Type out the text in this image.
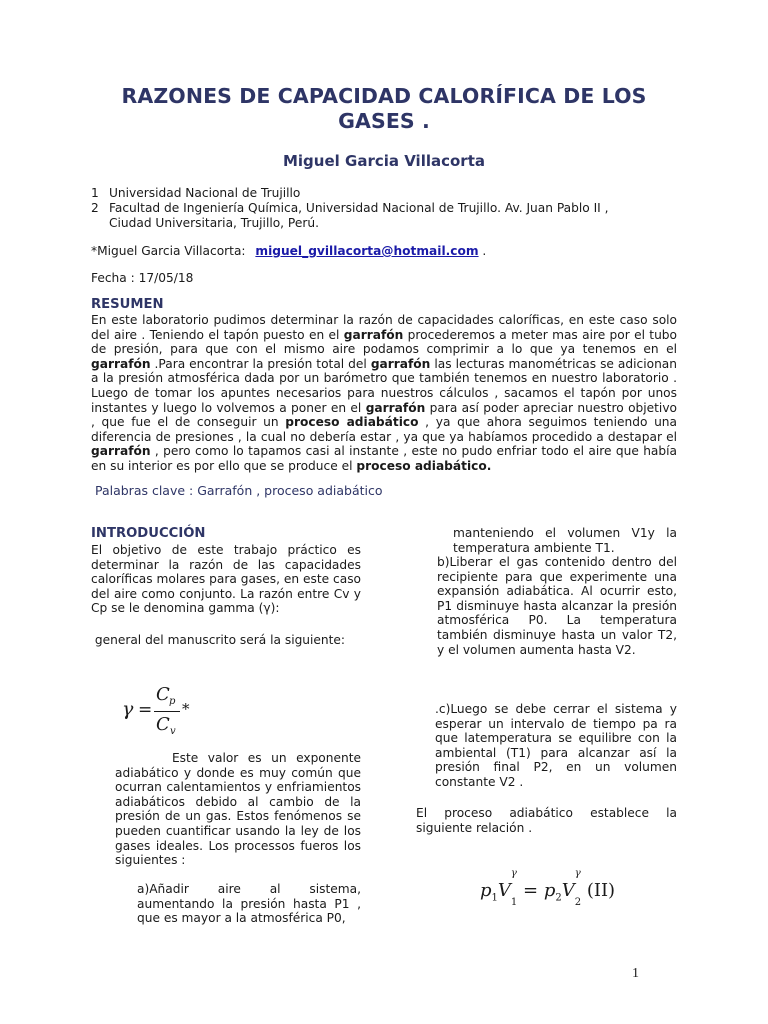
RAZONES DE CAPACIDAD CALORÍFICA DE LOS GASES .
Miguel Garcia Villacorta
1 Universidad Nacional de Trujillo
2 Facultad de Ingeniería Química, Universidad Nacional de Trujillo. Av. Juan Pablo II ,
Ciudad Universitaria, Trujillo, Perú.
*Miguel Garcia Villacorta: miguel_gvillacorta@hotmail.com .
Fecha : 17/05/18
RESUMEN
En este laboratorio pudimos determinar la razón de capacidades caloríficas, en este caso solo del aire . Teniendo el tapón puesto en el garrafón procederemos a meter mas aire por el tubo de presión, para que con el mismo aire podamos comprimir a lo que ya tenemos en el garrafón .Para encontrar la presión total del garrafón las lecturas manométricas se adicionan a la presión atmosférica dada por un barómetro que también tenemos en nuestro laboratorio . Luego de tomar los apuntes necesarios para nuestros cálculos , sacamos el tapón por unos instantes y luego lo volvemos a poner en el garrafón para así poder apreciar nuestro objetivo , que fue el de conseguir un proceso adiabático , ya que ahora seguimos teniendo una diferencia de presiones , la cual no debería estar , ya que ya habíamos procedido a destapar el garrafón , pero como lo tapamos casi al instante , este no pudo enfriar todo el aire que había en su interior es por ello que se produce el proceso adiabático.
Palabras clave : Garrafón , proceso adiabático
INTRODUCCIÓN
El objetivo de este trabajo práctico es determinar la razón de las capacidades caloríficas molares para gases, en este caso del aire como conjunto. La razón entre Cv y Cp se le denomina gamma (γ):
general del manuscrito será la siguiente:
γ =
C p
C v
*
Este valor es un exponente adiabático y donde es muy común que ocurran calentamientos y enfriamientos adiabáticos debido al cambio de la presión de un gas. Estos fenómenos se pueden cuantificar usando la ley de los gases ideales. Los processos fueros los siguientes :
a)Añadir aire al sistema, aumentando la presión hasta P1 , que es mayor a la atmosférica P0,
manteniendo el volumen V1y la temperatura ambiente T1.
b)Liberar el gas contenido dentro del recipiente para que experimente una expansión adiabática. Al ocurrir esto, P1 disminuye hasta alcanzar la presión atmosférica P0. La temperatura también disminuye hasta un valor T2, y el volumen aumenta hasta V2.
.c)Luego se debe cerrar el sistema y esperar un intervalo de tiempo pa ra que latemperatura se equilibre con la ambiental (T1) para alcanzar así la presión final P2, en un volumen constante V2 .
El proceso adiabático establece la siguiente relación .
$p_1V$
γ
$_1 = p_2V$
γ
$_2$ (II)
1
